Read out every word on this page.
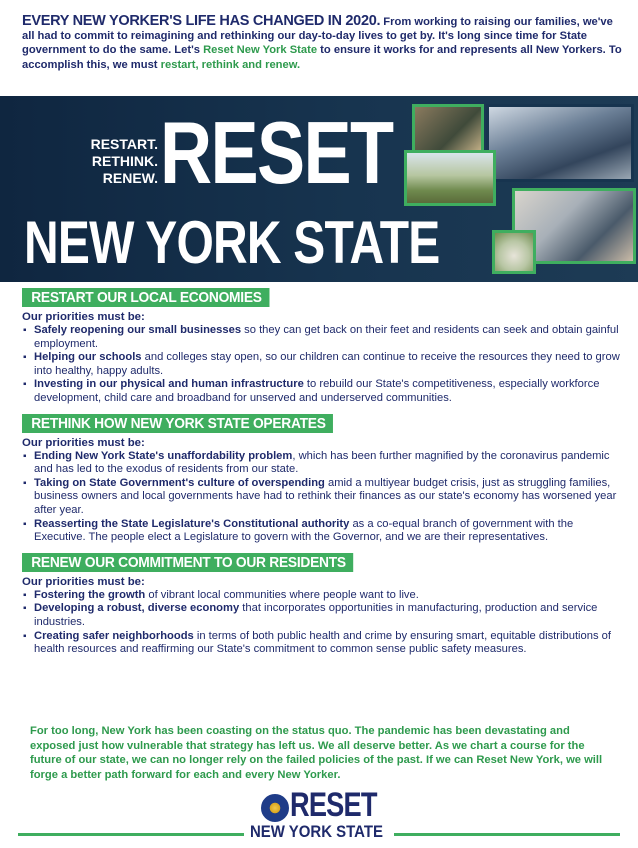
EVERY NEW YORKER'S LIFE HAS CHANGED IN 2020. From working to raising our families, we've all had to commit to reimagining and rethinking our day-to-day lives to get by. It's long since time for State government to do the same. Let's Reset New York State to ensure it works for and represents all New Yorkers. To accomplish this, we must restart, rethink and renew.
RESTART.
RETHINK.
RENEW. RESET
NEW YORK STATE
RESTART OUR LOCAL ECONOMIES
Our priorities must be:
▪ Safely reopening our small businesses so they can get back on their feet and residents can seek and obtain gainful employment.
▪ Helping our schools and colleges stay open, so our children can continue to receive the resources they need to grow into healthy, happy adults.
▪ Investing in our physical and human infrastructure to rebuild our State's competitiveness, especially workforce development, child care and broadband for unserved and underserved communities.
RETHINK HOW NEW YORK STATE OPERATES
Our priorities must be:
▪ Ending New York State's unaffordability problem, which has been further magnified by the coronavirus pandemic and has led to the exodus of residents from our state.
▪ Taking on State Government's culture of overspending amid a multiyear budget crisis, just as struggling families, business owners and local governments have had to rethink their finances as our state's economy has worsened year after year.
▪ Reasserting the State Legislature's Constitutional authority as a co-equal branch of government with the Executive. The people elect a Legislature to govern with the Governor, and we are their representatives.
RENEW OUR COMMITMENT TO OUR RESIDENTS
Our priorities must be:
▪ Fostering the growth of vibrant local communities where people want to live.
▪ Developing a robust, diverse economy that incorporates opportunities in manufacturing, production and service industries.
▪ Creating safer neighborhoods in terms of both public health and crime by ensuring smart, equitable distributions of health resources and reaffirming our State's commitment to common sense public safety measures.
For too long, New York has been coasting on the status quo. The pandemic has been devastating and exposed just how vulnerable that strategy has left us. We all deserve better. As we chart a course for the future of our state, we can no longer rely on the failed policies of the past. If we can Reset New York, we will forge a better path forward for each and every New Yorker.
RESET
NEW YORK STATE
